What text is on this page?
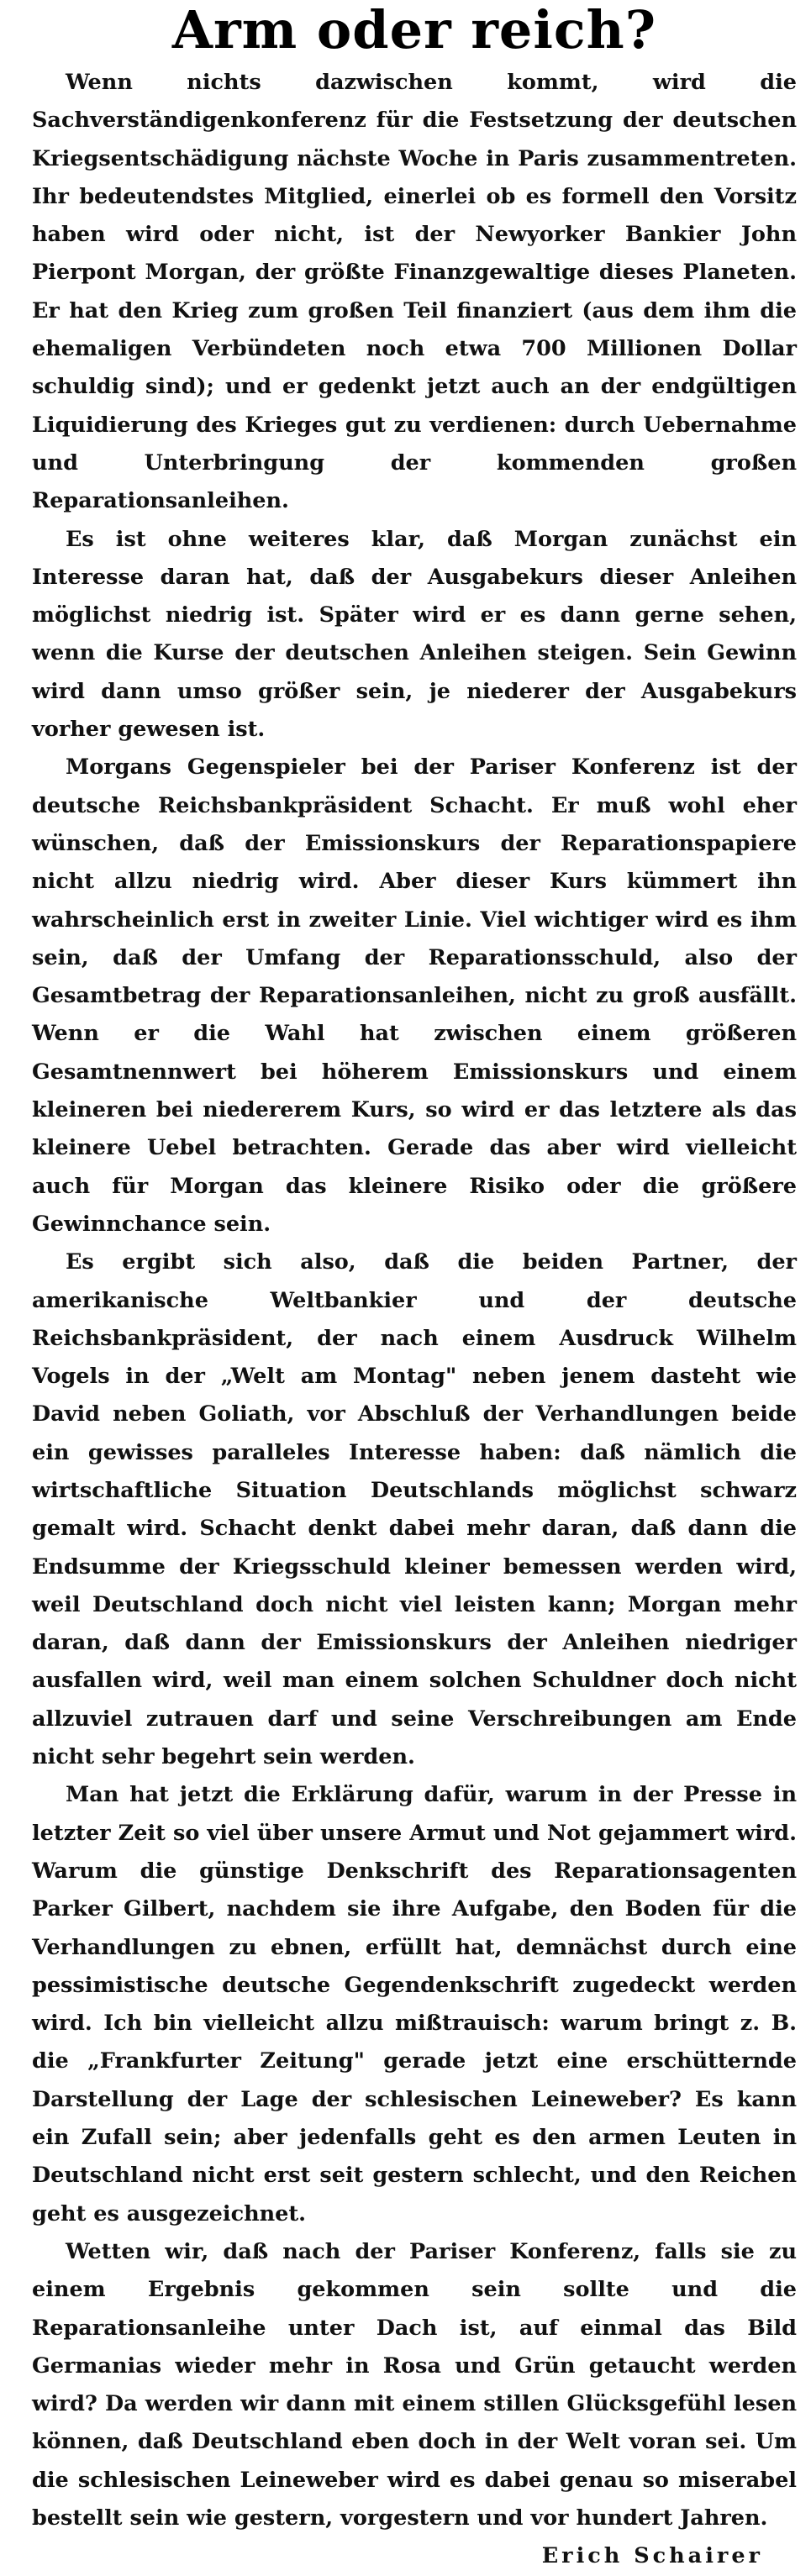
Arm oder reich?

Wenn nichts dazwischen kommt, wird die Sachverständigenkonferenz für die Festsetzung der deutschen Kriegsentschädigung nächste Woche in Paris zusammentreten. Ihr bedeutendstes Mitglied, einerlei ob es formell den Vorsitz haben wird oder nicht, ist der Newyorker Bankier John Pierpont Morgan, der größte Finanzgewaltige dieses Planeten. Er hat den Krieg zum großen Teil finanziert (aus dem ihm die ehemaligen Verbündeten noch etwa 700 Millionen Dollar schuldig sind); und er gedenkt jetzt auch an der endgültigen Liquidierung des Krieges gut zu verdienen: durch Uebernahme und Unterbringung der kommenden großen Reparationsanleihen.

Es ist ohne weiteres klar, daß Morgan zunächst ein Interesse daran hat, daß der Ausgabekurs dieser Anleihen möglichst niedrig ist. Später wird er es dann gerne sehen, wenn die Kurse der deutschen Anleihen steigen. Sein Gewinn wird dann umso größer sein, je niederer der Ausgabekurs vorher gewesen ist.

Morgans Gegenspieler bei der Pariser Konferenz ist der deutsche Reichsbankpräsident Schacht. Er muß wohl eher wünschen, daß der Emissionskurs der Reparationspapiere nicht allzu niedrig wird. Aber dieser Kurs kümmert ihn wahrscheinlich erst in zweiter Linie. Viel wichtiger wird es ihm sein, daß der Umfang der Reparationsschuld, also der Gesamtbetrag der Reparationsanleihen, nicht zu groß ausfällt. Wenn er die Wahl hat zwischen einem größeren Gesamtnennwert bei höherem Emissionskurs und einem kleineren bei niedererem Kurs, so wird er das letztere als das kleinere Uebel betrachten. Gerade das aber wird vielleicht auch für Morgan das kleinere Risiko oder die größere Gewinnchance sein.

Es ergibt sich also, daß die beiden Partner, der amerikanische Weltbankier und der deutsche Reichsbankpräsident, der nach einem Ausdruck Wilhelm Vogels in der „Welt am Montag" neben jenem dasteht wie David neben Goliath, vor Abschluß der Verhandlungen beide ein gewisses paralleles Interesse haben: daß nämlich die wirtschaftliche Situation Deutschlands möglichst schwarz gemalt wird. Schacht denkt dabei mehr daran, daß dann die Endsumme der Kriegsschuld kleiner bemessen werden wird, weil Deutschland doch nicht viel leisten kann; Morgan mehr daran, daß dann der Emissionskurs der Anleihen niedriger ausfallen wird, weil man einem solchen Schuldner doch nicht allzuviel zutrauen darf und seine Verschreibungen am Ende nicht sehr begehrt sein werden.

Man hat jetzt die Erklärung dafür, warum in der Presse in letzter Zeit so viel über unsere Armut und Not gejammert wird. Warum die günstige Denkschrift des Reparationsagenten Parker Gilbert, nachdem sie ihre Aufgabe, den Boden für die Verhandlungen zu ebnen, erfüllt hat, demnächst durch eine pessimistische deutsche Gegendenkschrift zugedeckt werden wird. Ich bin vielleicht allzu mißtrauisch: warum bringt z. B. die „Frankfurter Zeitung" gerade jetzt eine erschütternde Darstellung der Lage der schlesischen Leineweber? Es kann ein Zufall sein; aber jedenfalls geht es den armen Leuten in Deutschland nicht erst seit gestern schlecht, und den Reichen geht es ausgezeichnet.

Wetten wir, daß nach der Pariser Konferenz, falls sie zu einem Ergebnis gekommen sein sollte und die Reparationsanleihe unter Dach ist, auf einmal das Bild Germanias wieder mehr in Rosa und Grün getaucht werden wird? Da werden wir dann mit einem stillen Glücksgefühl lesen können, daß Deutschland eben doch in der Welt voran sei. Um die schlesischen Leineweber wird es dabei genau so miserabel bestellt sein wie gestern, vorgestern und vor hundert Jahren.

Erich Schairer
